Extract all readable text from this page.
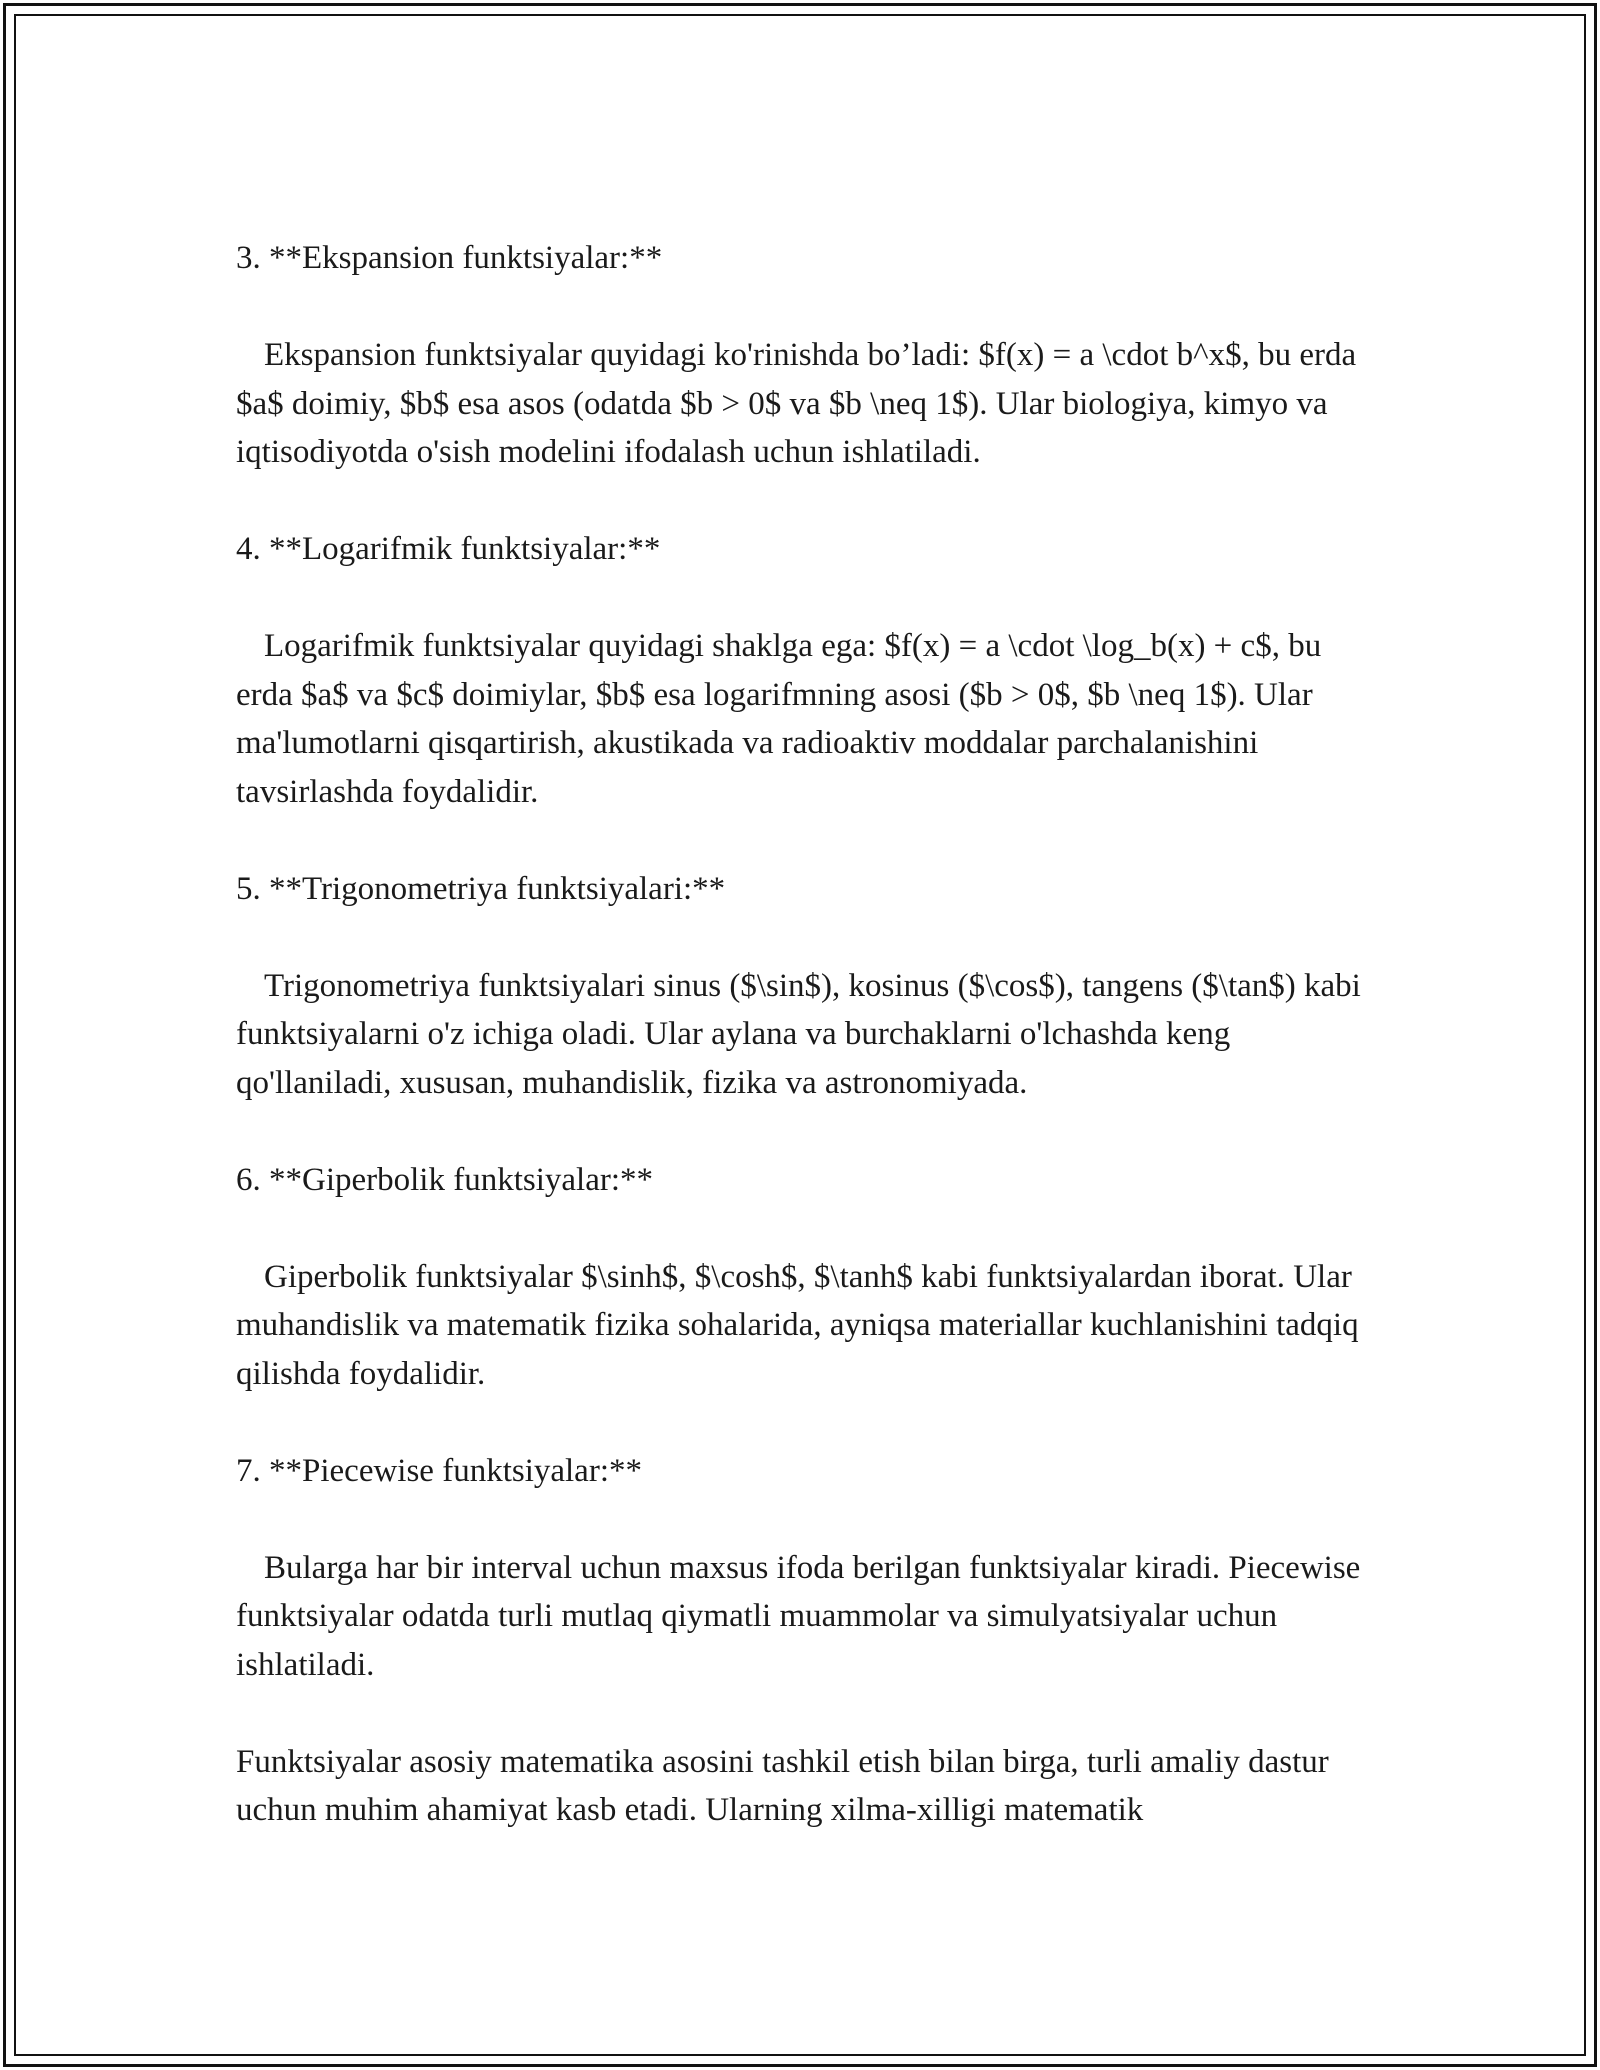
3. **Ekspansion funktsiyalar:**

Ekspansion funktsiyalar quyidagi ko'rinishda bo’ladi: $f(x) = a \cdot b^x$, bu erda $a$ doimiy, $b$ esa asos (odatda $b > 0$ va $b \neq 1$). Ular biologiya, kimyo va iqtisodiyotda o'sish modelini ifodalash uchun ishlatiladi.

4. **Logarifmik funktsiyalar:**

Logarifmik funktsiyalar quyidagi shaklga ega: $f(x) = a \cdot \log_b(x) + c$, bu erda $a$ va $c$ doimiylar, $b$ esa logarifmning asosi ($b > 0$, $b \neq 1$). Ular ma'lumotlarni qisqartirish, akustikada va radioaktiv moddalar parchalanishini tavsirlashda foydalidir.

5. **Trigonometriya funktsiyalari:**

Trigonometriya funktsiyalari sinus ($\sin$), kosinus ($\cos$), tangens ($\tan$) kabi funktsiyalarni o'z ichiga oladi. Ular aylana va burchaklarni o'lchashda keng qo'llaniladi, xususan, muhandislik, fizika va astronomiyada.

6. **Giperbolik funktsiyalar:**

Giperbolik funktsiyalar $\sinh$, $\cosh$, $\tanh$ kabi funktsiyalardan iborat. Ular muhandislik va matematik fizika sohalarida, ayniqsa materiallar kuchlanishini tadqiq qilishda foydalidir.

7. **Piecewise funktsiyalar:**

Bularga har bir interval uchun maxsus ifoda berilgan funktsiyalar kiradi. Piecewise funktsiyalar odatda turli mutlaq qiymatli muammolar va simulyatsiyalar uchun ishlatiladi.

Funktsiyalar asosiy matematika asosini tashkil etish bilan birga, turli amaliy dastur uchun muhim ahamiyat kasb etadi. Ularning xilma-xilligi matematik
